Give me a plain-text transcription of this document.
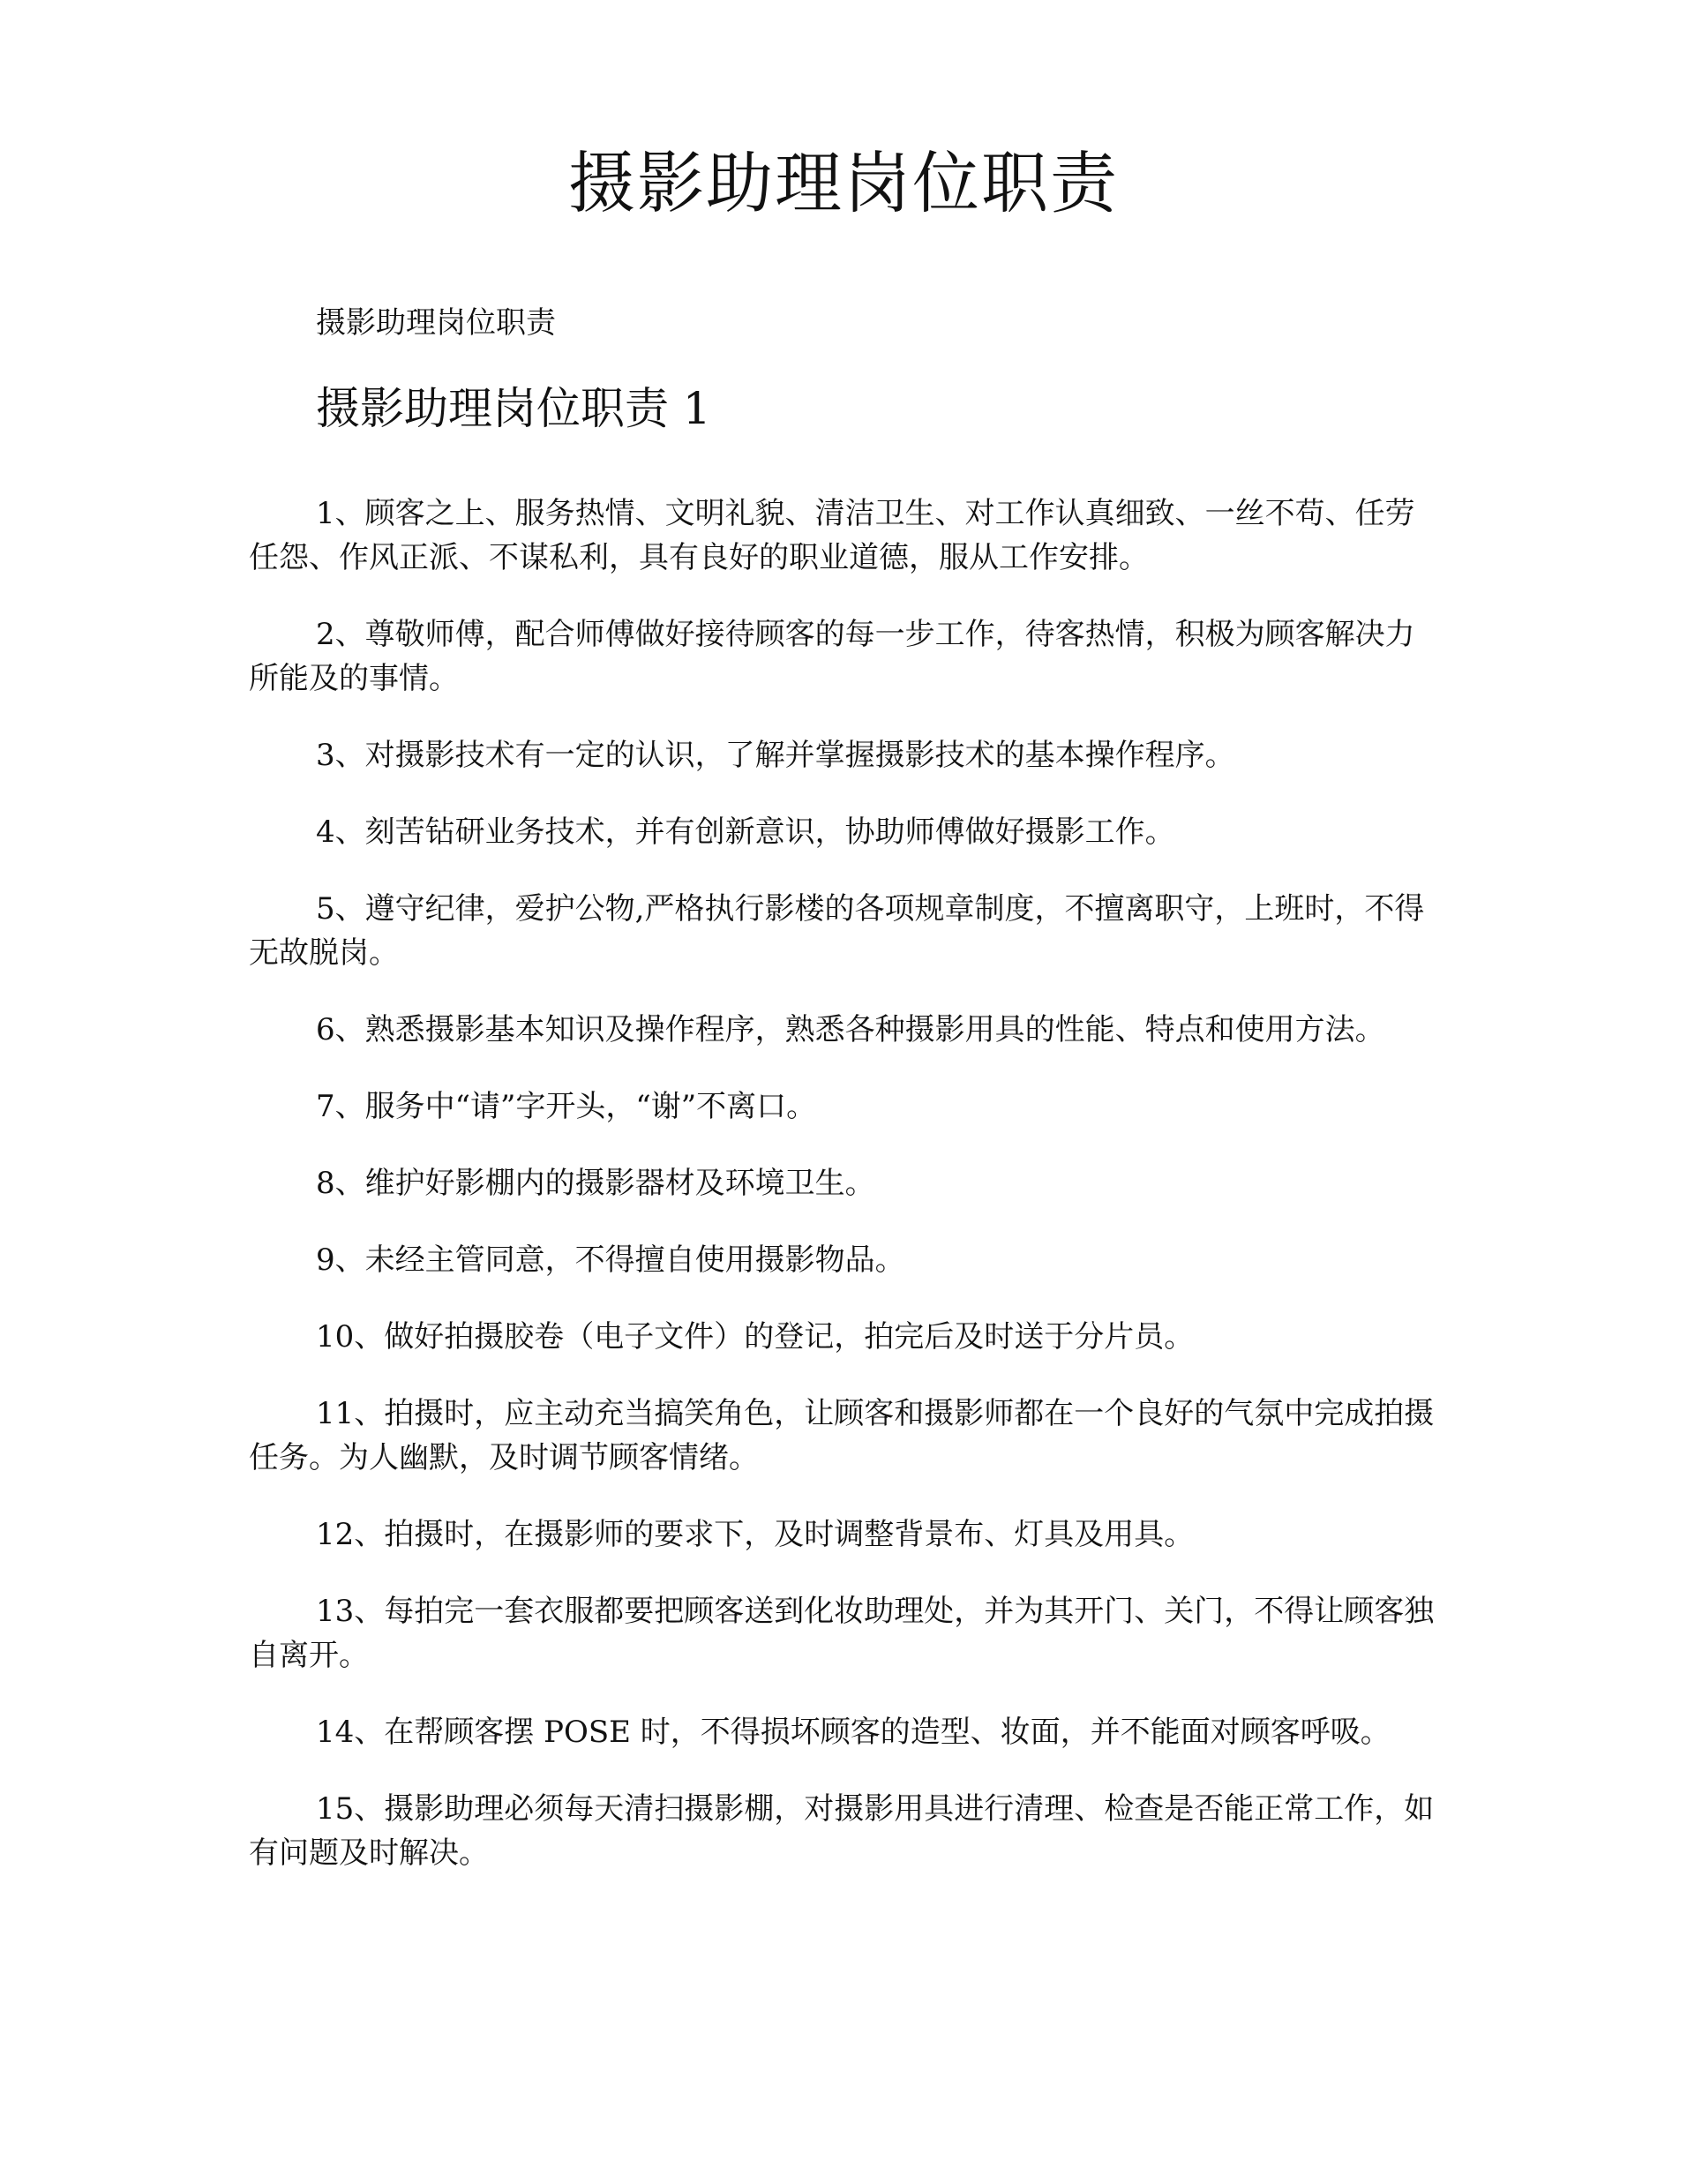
摄影助理岗位职责

摄影助理岗位职责

摄影助理岗位职责 1
1、顾客之上、服务热情、文明礼貌、清洁卫生、对工作认真细致、一丝不苟、任劳任怨、作风正派、不谋私利，具有良好的职业道德，服从工作安排。
2、尊敬师傅，配合师傅做好接待顾客的每一步工作，待客热情，积极为顾客解决力所能及的事情。
3、对摄影技术有一定的认识，了解并掌握摄影技术的基本操作程序。
4、刻苦钻研业务技术，并有创新意识，协助师傅做好摄影工作。
5、遵守纪律，爱护公物,严格执行影楼的各项规章制度，不擅离职守，上班时，不得无故脱岗。
6、熟悉摄影基本知识及操作程序，熟悉各种摄影用具的性能、特点和使用方法。
7、服务中“请”字开头，“谢”不离口。
8、维护好影棚内的摄影器材及环境卫生。
9、未经主管同意，不得擅自使用摄影物品。
10、做好拍摄胶卷（电子文件）的登记，拍完后及时送于分片员。
11、拍摄时，应主动充当搞笑角色，让顾客和摄影师都在一个良好的气氛中完成拍摄任务。为人幽默，及时调节顾客情绪。
12、拍摄时，在摄影师的要求下，及时调整背景布、灯具及用具。
13、每拍完一套衣服都要把顾客送到化妆助理处，并为其开门、关门，不得让顾客独自离开。
14、在帮顾客摆 POSE 时，不得损坏顾客的造型、妆面，并不能面对顾客呼吸。
15、摄影助理必须每天清扫摄影棚，对摄影用具进行清理、检查是否能正常工作，如有问题及时解决。
